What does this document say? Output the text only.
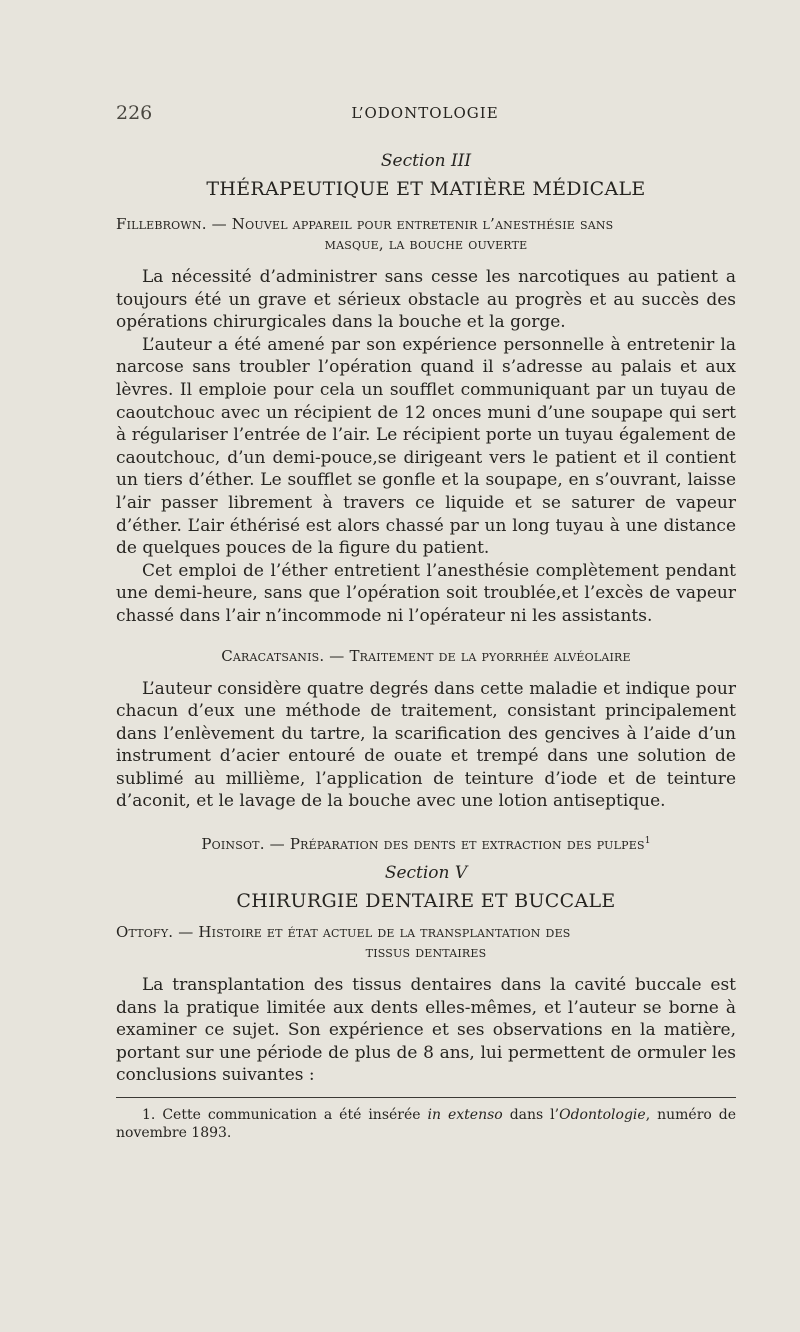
226	L’ODONTOLOGIE

Section III

THÉRAPEUTIQUE ET MATIÈRE MÉDICALE

Fillebrown. — Nouvel appareil pour entretenir l’anesthésie sans
masque, la bouche ouverte

La nécessité d’administrer sans cesse les narcotiques au patient a toujours été un grave et sérieux obstacle au progrès et au succès des opérations chirurgicales dans la bouche et la gorge.

L’auteur a été amené par son expérience personnelle à entretenir la narcose sans troubler l’opération quand il s’adresse au palais et aux lèvres. Il emploie pour cela un soufflet communiquant par un tuyau de caoutchouc avec un récipient de 12 onces muni d’une soupape qui sert à régulariser l’entrée de l’air. Le récipient porte un tuyau également de caoutchouc, d’un demi-pouce,se dirigeant vers le patient et il contient un tiers d’éther. Le soufflet se gonfle et la soupape, en s’ouvrant, laisse l’air passer librement à travers ce liquide et se saturer de vapeur d’éther. L’air éthérisé est alors chassé par un long tuyau à une distance de quelques pouces de la figure du patient.

Cet emploi de l’éther entretient l’anesthésie complètement pendant une demi-heure, sans que l’opération soit troublée,et l’excès de vapeur chassé dans l’air n’incommode ni l’opérateur ni les assistants.

Caracatsanis. — Traitement de la pyorrhée alvéolaire

L’auteur considère quatre degrés dans cette maladie et indique pour chacun d’eux une méthode de traitement, consistant principalement dans l’enlèvement du tartre, la scarification des gencives à l’aide d’un instrument d’acier entouré de ouate et trempé dans une solution de sublimé au millième, l’application de teinture d’iode et de teinture d’aconit, et le lavage de la bouche avec une lotion antiseptique.

Poinsot. — Préparation des dents et extraction des pulpes$^1$

Section V

CHIRURGIE DENTAIRE ET BUCCALE

Ottofy. — Histoire et état actuel de la transplantation des
tissus dentaires

La transplantation des tissus dentaires dans la cavité buccale est dans la pratique limitée aux dents elles-mêmes, et l’auteur se borne à examiner ce sujet. Son expérience et ses observations en la matière, portant sur une période de plus de 8 ans, lui permettent de ormuler les conclusions suivantes :

1. Cette communication a été insérée in extenso dans l’Odontologie, numéro de novembre 1893.
